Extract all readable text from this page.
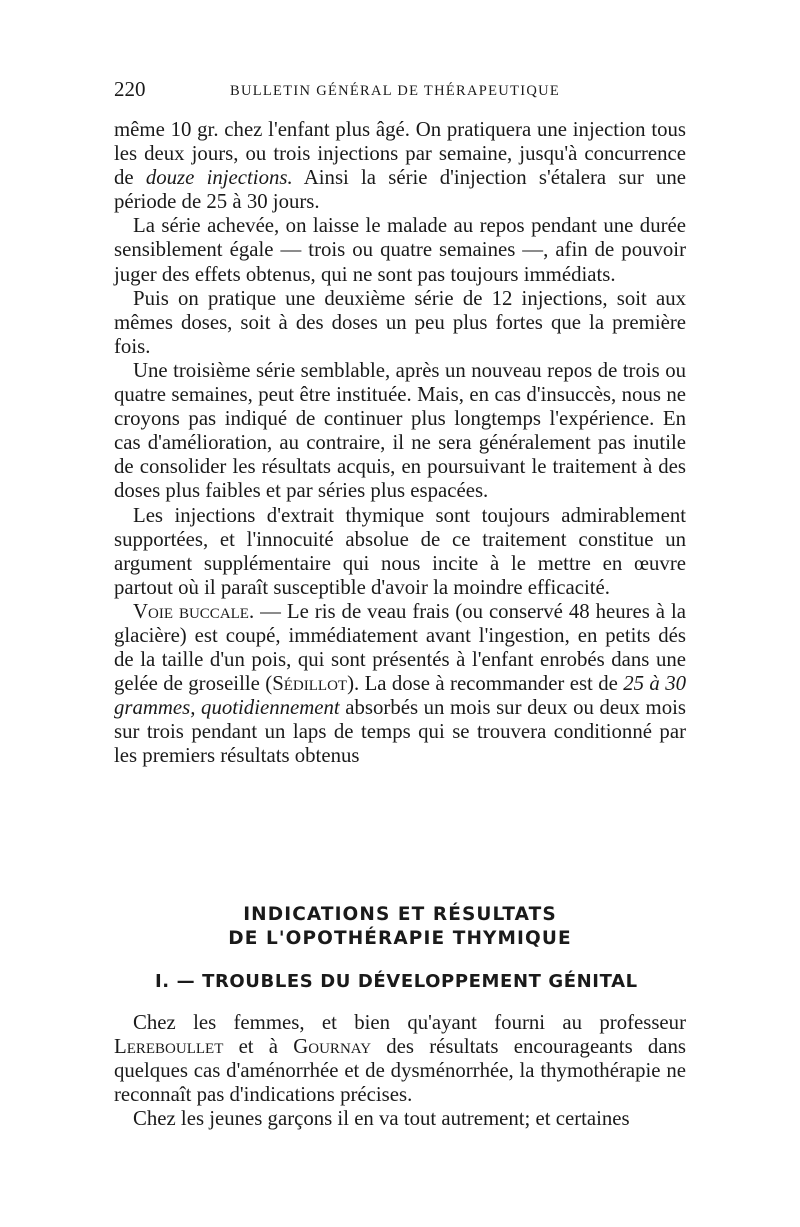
220	BULLETIN GÉNÉRAL DE THÉRAPEUTIQUE

même 10 gr. chez l'enfant plus âgé. On pratiquera une injection tous les deux jours, ou trois injections par semaine, jusqu'à concurrence de douze injections. Ainsi la série d'injection s'étalera sur une période de 25 à 30 jours.

La série achevée, on laisse le malade au repos pendant une durée sensiblement égale — trois ou quatre semaines —, afin de pouvoir juger des effets obtenus, qui ne sont pas toujours immédiats.

Puis on pratique une deuxième série de 12 injections, soit aux mêmes doses, soit à des doses un peu plus fortes que la première fois.

Une troisième série semblable, après un nouveau repos de trois ou quatre semaines, peut être instituée. Mais, en cas d'insuccès, nous ne croyons pas indiqué de continuer plus longtemps l'expérience. En cas d'amélioration, au contraire, il ne sera généralement pas inutile de consolider les résultats acquis, en poursuivant le traitement à des doses plus faibles et par séries plus espacées.

Les injections d'extrait thymique sont toujours admirablement supportées, et l'innocuité absolue de ce traitement constitue un argument supplémentaire qui nous incite à le mettre en œuvre partout où il paraît susceptible d'avoir la moindre efficacité.

Voie buccale. — Le ris de veau frais (ou conservé 48 heures à la glacière) est coupé, immédiatement avant l'ingestion, en petits dés de la taille d'un pois, qui sont présentés à l'enfant enrobés dans une gelée de groseille (Sédillot). La dose à recommander est de 25 à 30 grammes, quotidiennement absorbés un mois sur deux ou deux mois sur trois pendant un laps de temps qui se trouvera conditionné par les premiers résultats obtenus

INDICATIONS ET RÉSULTATS
DE L'OPOTHÉRAPIE THYMIQUE
I. — TROUBLES DU DÉVELOPPEMENT GÉNITAL

Chez les femmes, et bien qu'ayant fourni au professeur Lereboullet et à Gournay des résultats encourageants dans quelques cas d'aménorrhée et de dysménorrhée, la thymothérapie ne reconnaît pas d'indications précises.

Chez les jeunes garçons il en va tout autrement; et certaines
